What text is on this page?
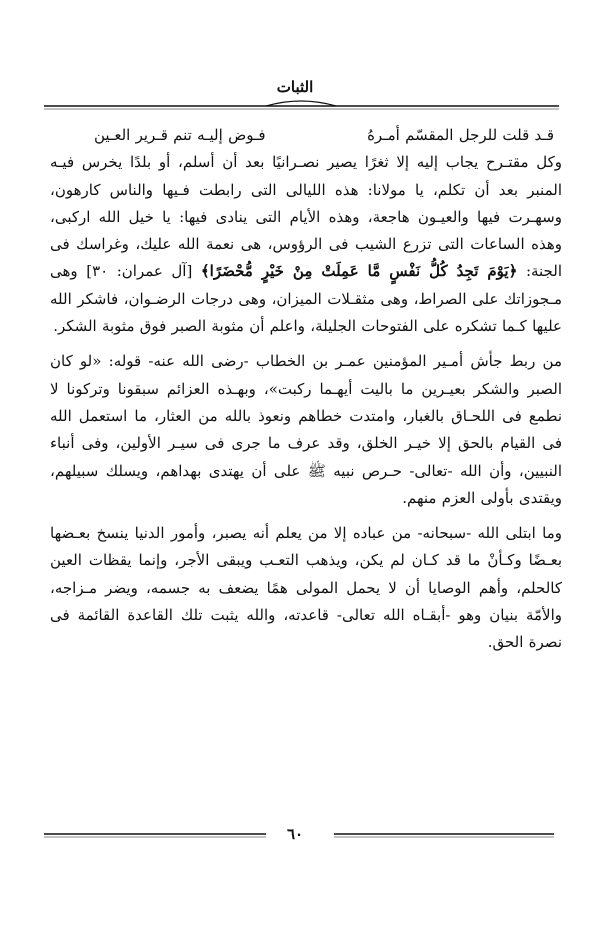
الثبات

قـد قلت للرجل المقسّم أمـرهُ
فـوض إليـه تنم قـرير العـين

وكل مقتـرح يجاب إليه إلا ثغرًا يصير نصـرانيًا بعد أن أسلم، أو بلدًا يخرس فيـه المنبر بعد أن تكلم، يا مولانا: هذه الليالى التى رابطت فـيها والناس كارهون، وسهـرت فيها والعيـون هاجعة، وهذه الأيام التى ينادى فيها: يا خيل الله اركبى، وهذه الساعات التى تزرع الشيب فى الرؤوس، هى نعمة الله عليك، وغراسك فى الجنة: ﴿يَوْمَ تَجِدُ كُلُّ نَفْسٍ مَّا عَمِلَتْ مِنْ خَيْرٍ مُّحْضَرًا﴾ [آل عمران: ٣٠] وهى مـجوزاتك على الصراط، وهى مثقـلات الميزان، وهى درجات الرضـوان، فاشكر الله عليها كـما تشكره على الفتوحات الجليلة، واعلم أن مثوبة الصبر فوق مثوبة الشكر.

من ربط جأش أمـير المؤمنين عمـر بن الخطاب -رضى الله عنه- قوله: «لو كان الصبر والشكر بعيـرين ما باليت أيهـما ركبت»، وبهـذه العزائم سبقونا وتركونا لا نطمع فى اللحـاق بالغبار، وامتدت خطاهم ونعوذ بالله من العثار، ما استعمل الله فى القيام بالحق إلا خيـر الخلق، وقد عرف ما جرى فى سيـر الأولين، وفى أنباء النبيين، وأن الله -تعالى- حـرص نبيه ﷺ على أن يهتدى بهداهم، ويسلك سبيلهم، ويقتدى بأولى العزم منهم.

وما ابتلى الله -سبحانه- من عباده إلا من يعلم أنه يصبر، وأمور الدنيا ينسخ بعـضها بعـضًا وكـأنْ ما قد كـان لم يكن، ويذهب التعـب ويبقى الأجر، وإنما يقظات العين كالحلم، وأهم الوصايا أن لا يحمل المولى همًا يضعف به جسمه، ويضر مـزاجه، والأمّة بنيان وهو -أبقـاه الله تعالى- قاعدته، والله يثبت تلك القاعدة القائمة فى نصرة الحق.

٦٠
